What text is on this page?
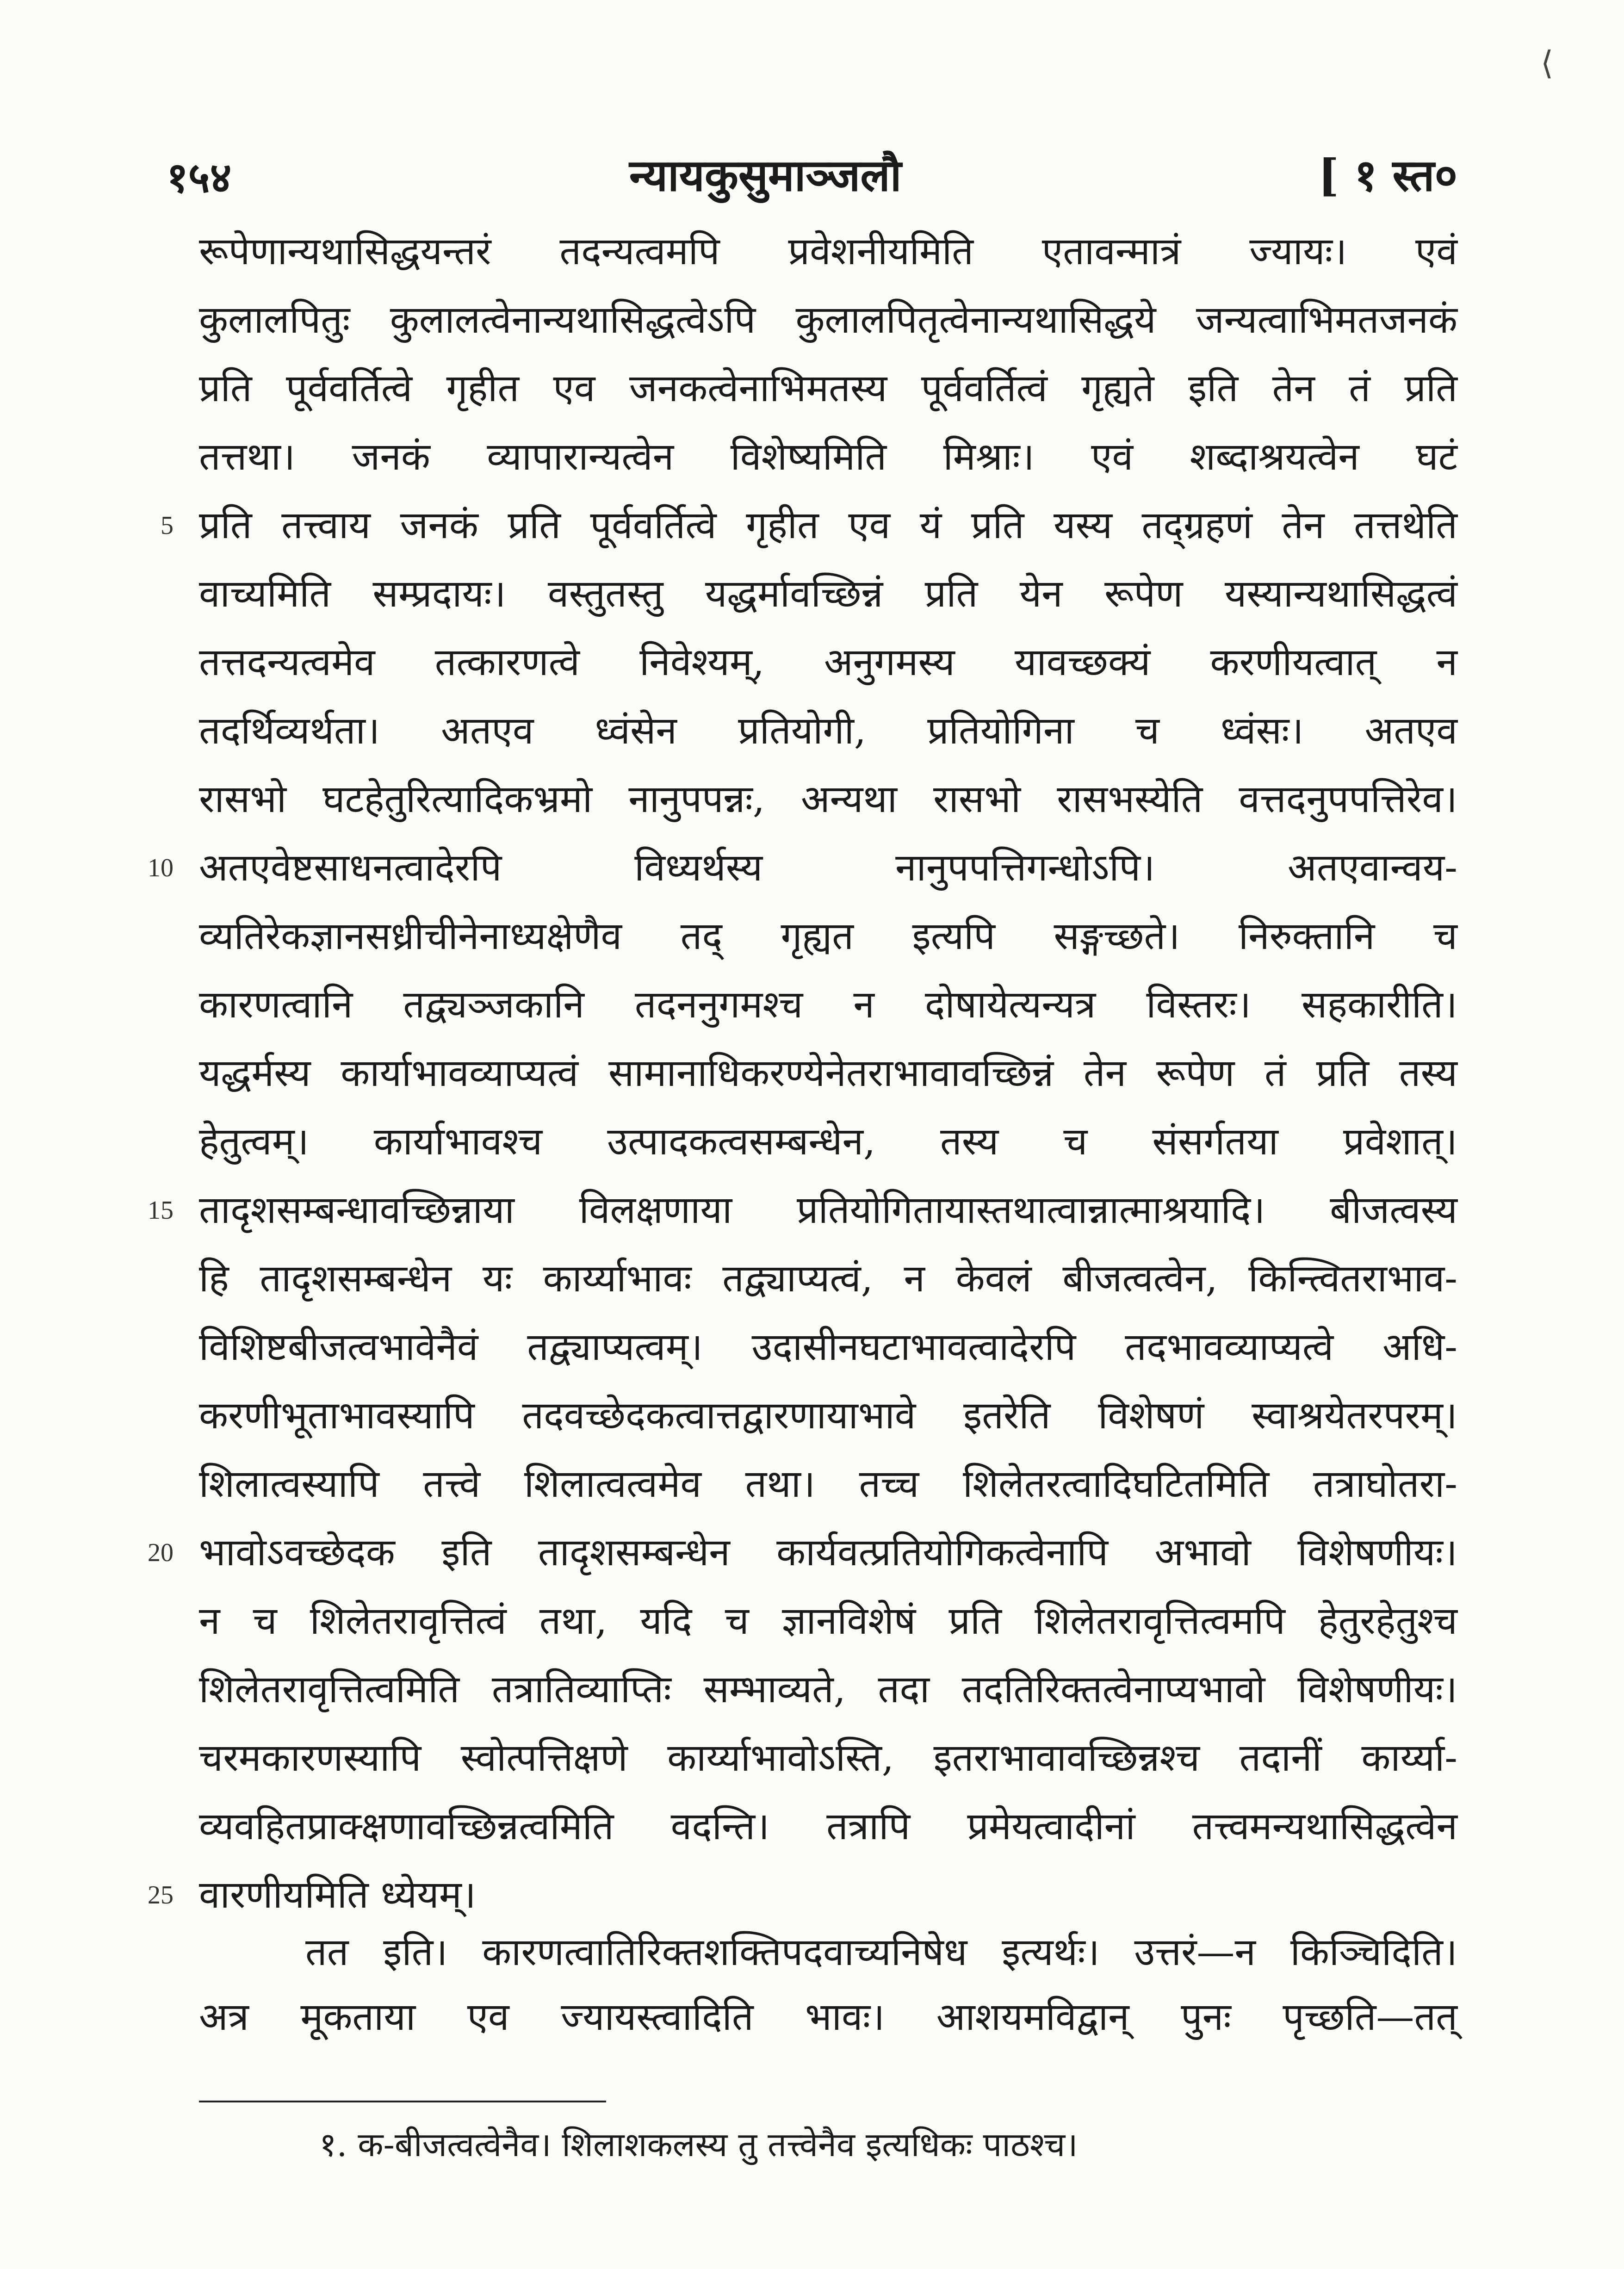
⟨
१५४	न्यायकुसुमाञ्जलौ	[ १ स्त०
रूपेणान्यथासिद्धयन्तरं तदन्यत्वमपि प्रवेशनीयमिति एतावन्मात्रं ज्यायः। एवं
कुलालपितुः कुलालत्वेनान्यथासिद्धत्वेऽपि कुलालपितृत्वेनान्यथासिद्धये जन्यत्वाभिमतजनकं
प्रति पूर्ववर्तित्वे गृहीत एव जनकत्वेनाभिमतस्य पूर्ववर्तित्वं गृह्यते इति तेन तं प्रति
तत्तथा। जनकं व्यापारान्यत्वेन विशेष्यमिति मिश्राः। एवं शब्दाश्रयत्वेन घटं
5 प्रति तत्त्वाय जनकं प्रति पूर्ववर्तित्वे गृहीत एव यं प्रति यस्य तद्ग्रहणं तेन तत्तथेति
वाच्यमिति सम्प्रदायः। वस्तुतस्तु यद्धर्मावच्छिन्नं प्रति येन रूपेण यस्यान्यथासिद्धत्वं
तत्तदन्यत्वमेव तत्कारणत्वे निवेश्यम्, अनुगमस्य यावच्छक्यं करणीयत्वात् न
तदर्थिव्यर्थता। अतएव ध्वंसेन प्रतियोगी, प्रतियोगिना च ध्वंसः। अतएव
रासभो घटहेतुरित्यादिकभ्रमो नानुपपन्नः, अन्यथा रासभो रासभस्येति वत्तदनुपपत्तिरेव।
10 अतएवेष्टसाधनत्वादेरपि विध्यर्थस्य नानुपपत्तिगन्धोऽपि। अतएवान्वय-
व्यतिरेकज्ञानसध्रीचीनेनाध्यक्षेणैव तद् गृह्यत इत्यपि सङ्गच्छते। निरुक्तानि च
कारणत्वानि तद्व्यञ्जकानि तदननुगमश्च न दोषायेत्यन्यत्र विस्तरः। सहकारीति।
यद्धर्मस्य कार्याभावव्याप्यत्वं सामानाधिकरण्येनेतराभावावच्छिन्नं तेन रूपेण तं प्रति तस्य
हेतुत्वम्। कार्याभावश्च उत्पादकत्वसम्बन्धेन, तस्य च संसर्गतया प्रवेशात्।
15 तादृशसम्बन्धावच्छिन्नाया विलक्षणाया प्रतियोगितायास्तथात्वान्नात्माश्रयादि। बीजत्वस्य
हि तादृशसम्बन्धेन यः कार्य्याभावः तद्व्याप्यत्वं, न केवलं बीजत्वत्वेन, किन्त्वितराभाव-
विशिष्टबीजत्वभावेनैवं तद्व्याप्यत्वम्। उदासीनघटाभावत्वादेरपि तदभावव्याप्यत्वे अधि-
करणीभूताभावस्यापि तदवच्छेदकत्वात्तद्वारणायाभावे इतरेति विशेषणं स्वाश्रयेतरपरम्।
शिलात्वस्यापि तत्त्वे शिलात्वत्वमेव तथा। तच्च शिलेतरत्वादिघटितमिति तत्राघोतरा-
20 भावोऽवच्छेदक इति तादृशसम्बन्धेन कार्यवत्प्रतियोगिकत्वेनापि अभावो विशेषणीयः।
न च शिलेतरावृत्तित्वं तथा, यदि च ज्ञानविशेषं प्रति शिलेतरावृत्तित्वमपि हेतुरहेतुश्च
शिलेतरावृत्तित्वमिति तत्रातिव्याप्तिः सम्भाव्यते, तदा तदतिरिक्तत्वेनाप्यभावो विशेषणीयः।
चरमकारणस्यापि स्वोत्पत्तिक्षणे कार्य्याभावोऽस्ति, इतराभावावच्छिन्नश्च तदानीं कार्य्या-
व्यवहितप्राक्क्षणावच्छिन्नत्वमिति वदन्ति। तत्रापि प्रमेयत्वादीनां तत्त्वमन्यथासिद्धत्वेन
25 वारणीयमिति ध्येयम्।
तत इति। कारणत्वातिरिक्तशक्तिपदवाच्यनिषेध इत्यर्थः। उत्तरं—न किञ्चिदिति।
अत्र मूकताया एव ज्यायस्त्वादिति भावः। आशयमविद्वान् पुनः पृच्छति—तत्
१. क-बीजत्वत्वेनैव। शिलाशकलस्य तु तत्त्वेनैव इत्यधिकः पाठश्च।
